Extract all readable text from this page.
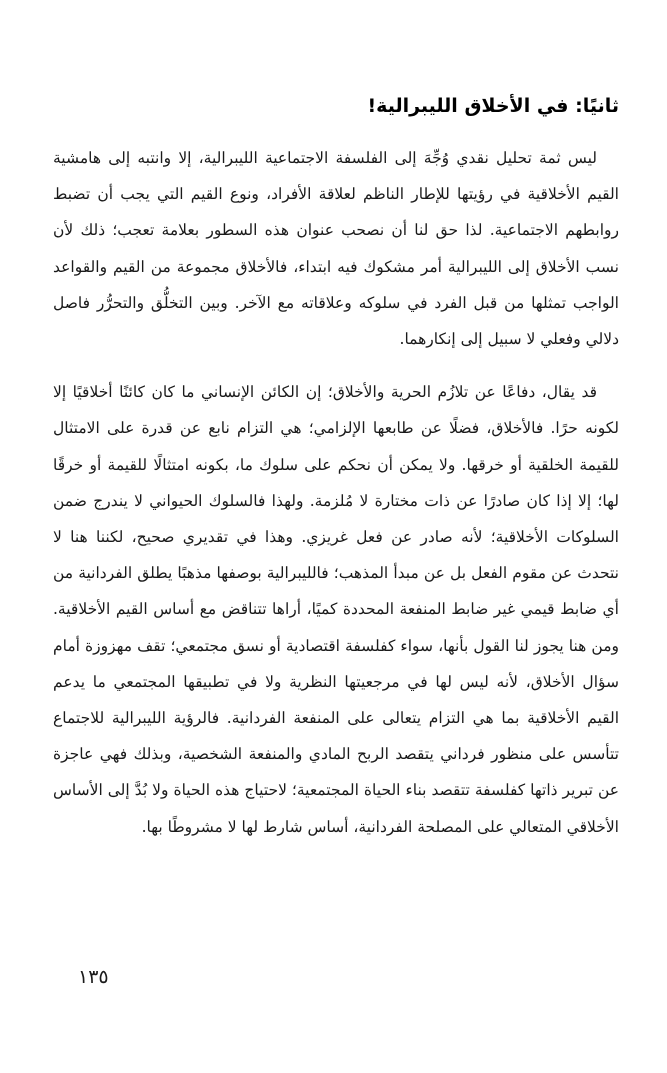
ثانيًا: في الأخلاق الليبرالية!

ليس ثمة تحليل نقدي وُجِّهَ إلى الفلسفة الاجتماعية الليبرالية، إلا وانتبه إلى هامشية القيم الأخلاقية في رؤيتها للإطار الناظم لعلاقة الأفراد، ونوع القيم التي يجب أن تضبط روابطهم الاجتماعية. لذا حق لنا أن نصحب عنوان هذه السطور بعلامة تعجب؛ ذلك لأن نسب الأخلاق إلى الليبرالية أمر مشكوك فيه ابتداء، فالأخلاق مجموعة من القيم والقواعد الواجب تمثلها من قبل الفرد في سلوكه وعلاقاته مع الآخر. وبين التخلُّق والتحرُّر فاصل دلالي وفعلي لا سبيل إلى إنكارهما.

قد يقال، دفاعًا عن تلازُم الحرية والأخلاق؛ إن الكائن الإنساني ما كان كائنًا أخلاقيًا إلا لكونه حرًا. فالأخلاق، فضلًا عن طابعها الإلزامي؛ هي التزام نابع عن قدرة على الامتثال للقيمة الخلقية أو خرقها. ولا يمكن أن نحكم على سلوك ما، بكونه امتثالًا للقيمة أو خرقًا لها؛ إلا إذا كان صادرًا عن ذات مختارة لا مُلزمة. ولهذا فالسلوك الحيواني لا يندرج ضمن السلوكات الأخلاقية؛ لأنه صادر عن فعل غريزي. وهذا في تقديري صحيح، لكننا هنا لا نتحدث عن مقوم الفعل بل عن مبدأ المذهب؛ فالليبرالية بوصفها مذهبًا يطلق الفردانية من أي ضابط قيمي غير ضابط المنفعة المحددة كميًا، أراها تتناقض مع أساس القيم الأخلاقية. ومن هنا يجوز لنا القول بأنها، سواء كفلسفة اقتصادية أو نسق مجتمعي؛ تقف مهزوزة أمام سؤال الأخلاق، لأنه ليس لها في مرجعيتها النظرية ولا في تطبيقها المجتمعي ما يدعم القيم الأخلاقية بما هي التزام يتعالى على المنفعة الفردانية. فالرؤية الليبرالية للاجتماع تتأسس على منظور فرداني يتقصد الربح المادي والمنفعة الشخصية، وبذلك فهي عاجزة عن تبرير ذاتها كفلسفة تتقصد بناء الحياة المجتمعية؛ لاحتياج هذه الحياة ولا بُدَّ إلى الأساس الأخلاقي المتعالي على المصلحة الفردانية، أساس شارط لها لا مشروطًا بها.

١٣٥
